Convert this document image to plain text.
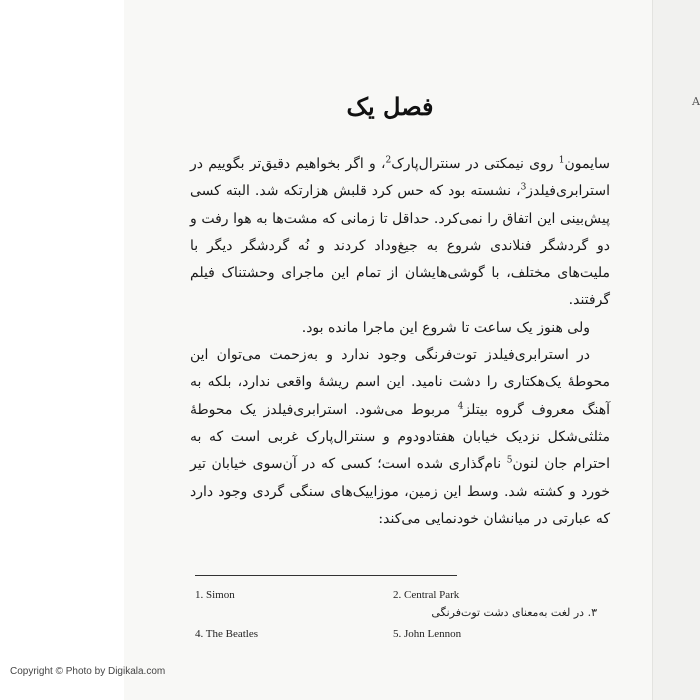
A
فصل یک

سایمون$^1$ روی نیمکتی در سنترال‌پارک$^2$، و اگر بخواهیم دقیق‌تر بگوییم در استرابری‌فیلدز$^3$، نشسته بود که حس کرد قلبش هزارتکه شد. البته کسی پیش‌بینی این اتفاق را نمی‌کرد. حداقل تا زمانی که مشت‌ها به هوا رفت و دو گردشگر فنلاندی شروع به جیغ‌وداد کردند و نُه گردشگر دیگر با ملیت‌های مختلف، با گوشی‌هایشان از تمام این ماجرای وحشتناک فیلم گرفتند.

ولی هنوز یک ساعت تا شروع این ماجرا مانده بود.

در استرابری‌فیلدز توت‌فرنگی وجود ندارد و به‌زحمت می‌توان این محوطهٔ یک‌هکتاری را دشت نامید. این اسم ریشهٔ واقعی ندارد، بلکه به آهنگ معروف گروه بیتلز$^4$ مربوط می‌شود. استرابری‌فیلدز یک محوطهٔ مثلثی‌شکل نزدیک خیابان هفتادودوم و سنترال‌پارک غربی است که به احترام جان لنون$^5$ نام‌گذاری شده است؛ کسی که در آن‌سوی خیابان تیر خورد و کشته شد. وسط این زمین، موزاییک‌های سنگی گردی وجود دارد که عبارتی در میانشان خودنمایی می‌کند:

1. Simon	2. Central Park
۳. در لغت به‌معنای دشت توت‌فرنگی
4. The Beatles	5. John Lennon
Copyright © Photo by Digikala.com
